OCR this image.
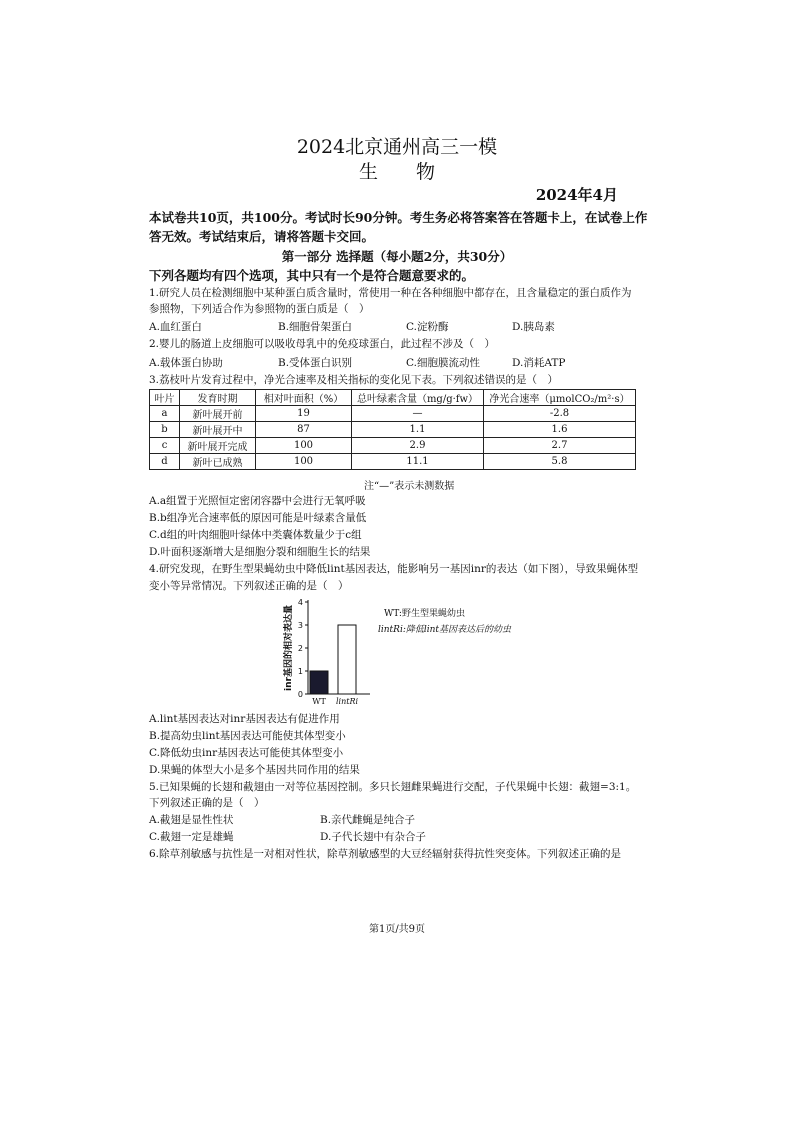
2024北京通州高三一模
生　　物
2024年4月
本试卷共10页，共100分。考试时长90分钟。考生务必将答案答在答题卡上，在试卷上作
答无效。考试结束后，请将答题卡交回。
第一部分 选择题（每小题2分，共30分）
下列各题均有四个选项，其中只有一个是符合题意要求的。
1.研究人员在检测细胞中某种蛋白质含量时，常使用一种在各种细胞中都存在，且含量稳定的蛋白质作为
参照物，下列适合作为参照物的蛋白质是（　）
A.血红蛋白	B.细胞骨架蛋白	C.淀粉酶	D.胰岛素
2.婴儿的肠道上皮细胞可以吸收母乳中的免疫球蛋白，此过程不涉及（　）
A.载体蛋白协助	B.受体蛋白识别	C.细胞膜流动性	D.消耗ATP
3.荔枝叶片发育过程中，净光合速率及相关指标的变化见下表。下列叙述错误的是（　）
叶片	发育时期	相对叶面积（%）	总叶绿素含量（mg/g·fw）	净光合速率（μmolCO₂/m²·s）
a	新叶展开前	19	—	-2.8
b	新叶展开中	87	1.1	1.6
c	新叶展开完成	100	2.9	2.7
d	新叶已成熟	100	11.1	5.8
注“—”表示未测数据
A.a组置于光照恒定密闭容器中会进行无氧呼吸
B.b组净光合速率低的原因可能是叶绿素含量低
C.d组的叶肉细胞叶绿体中类囊体数量少于c组
D.叶面积逐渐增大是细胞分裂和细胞生长的结果
4.研究发现，在野生型果蝇幼虫中降低lint基因表达，能影响另一基因inr的表达（如下图），导致果蝇体型
变小等异常情况。下列叙述正确的是（　）
inr基因的相对表达量
0
1
2
3
4
WT lintRi
WT:野生型果蝇幼虫
lintRi:降低lint基因表达后的幼虫
A.lint基因表达对inr基因表达有促进作用
B.提高幼虫lint基因表达可能使其体型变小
C.降低幼虫inr基因表达可能使其体型变小
D.果蝇的体型大小是多个基因共同作用的结果
5.已知果蝇的长翅和截翅由一对等位基因控制。多只长翅雌果蝇进行交配，子代果蝇中长翅：截翅=3:1。
下列叙述正确的是（　）
A.截翅是显性性状	B.亲代雌蝇是纯合子
C.截翅一定是雄蝇	D.子代长翅中有杂合子
6.除草剂敏感与抗性是一对相对性状，除草剂敏感型的大豆经辐射获得抗性突变体。下列叙述正确的是
第1页/共9页
